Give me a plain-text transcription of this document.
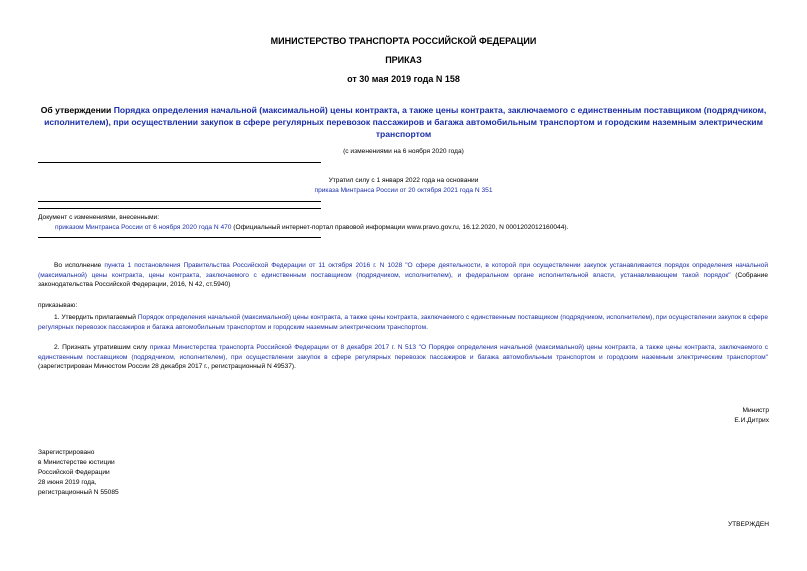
МИНИСТЕРСТВО ТРАНСПОРТА РОССИЙСКОЙ ФЕДЕРАЦИИ
ПРИКАЗ
от 30 мая 2019 года N 158
Об утверждении Порядка определения начальной (максимальной) цены контракта, а также цены контракта, заключаемого с единственным поставщиком (подрядчиком, исполнителем), при осуществлении закупок в сфере регулярных перевозок пассажиров и багажа автомобильным транспортом и городским наземным электрическим транспортом
(с изменениями на 6 ноября 2020 года)
Утратил силу с 1 января 2022 года на основании
приказа Минтранса России от 20 октября 2021 года N 351
Документ с изменениями, внесенными:
приказом Минтранса России от 6 ноября 2020 года N 470 (Официальный интернет-портал правовой информации www.pravo.gov.ru, 16.12.2020, N 0001202012160044).
Во исполнение пункта 1 постановления Правительства Российской Федерации от 11 октября 2016 г. N 1028 "О сфере деятельности, в которой при осуществлении закупок устанавливается порядок определения начальной (максимальной) цены контракта, цены контракта, заключаемого с единственным поставщиком (подрядчиком, исполнителем), и федеральном органе исполнительной власти, устанавливающем такой порядок" (Собрание законодательства Российской Федерации, 2016, N 42, ст.5940)
приказываю:
1. Утвердить прилагаемый Порядок определения начальной (максимальной) цены контракта, а также цены контракта, заключаемого с единственным поставщиком (подрядчиком, исполнителем), при осуществлении закупок в сфере регулярных перевозок пассажиров и багажа автомобильным транспортом и городским наземным электрическим транспортом.
2. Признать утратившим силу приказ Министерства транспорта Российской Федерации от 8 декабря 2017 г. N 513 "О Порядке определения начальной (максимальной) цены контракта, а также цены контракта, заключаемого с единственным поставщиком (подрядчиком, исполнителем), при осуществлении закупок в сфере регулярных перевозок пассажиров и багажа автомобильным транспортом и городским наземным электрическим транспортом" (зарегистрирован Минюстом России 28 декабря 2017 г., регистрационный N 49537).
Министр
Е.И.Дитрих
Зарегистрировано
в Министерстве юстиции
Российской Федерации
28 июня 2019 года,
регистрационный N 55085
УТВЕРЖДЕН
